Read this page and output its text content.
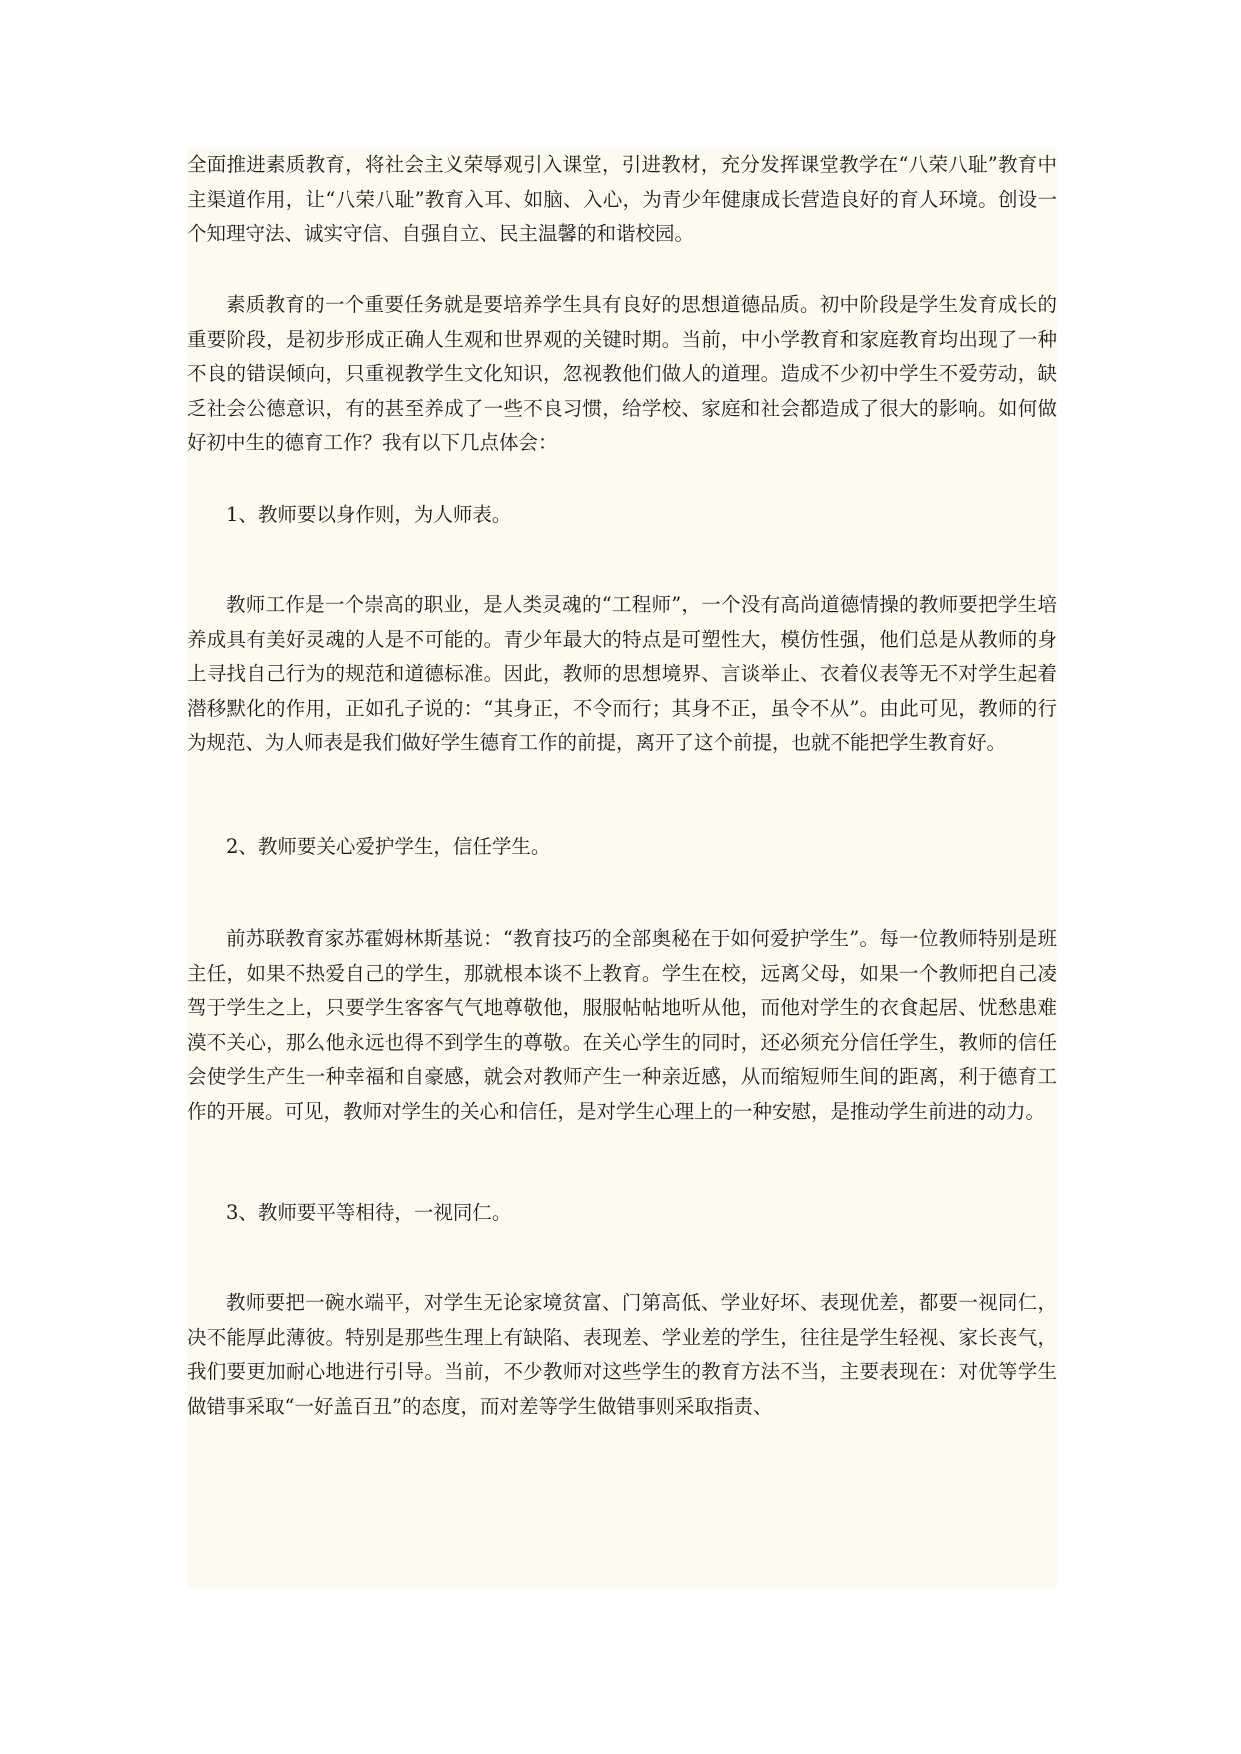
全面推进素质教育，将社会主义荣辱观引入课堂，引进教材，充分发挥课堂教学在“八荣八耻”教育中主渠道作用，让“八荣八耻”教育入耳、如脑、入心，为青少年健康成长营造良好的育人环境。创设一个知理守法、诚实守信、自强自立、民主温馨的和谐校园。

素质教育的一个重要任务就是要培养学生具有良好的思想道德品质。初中阶段是学生发育成长的重要阶段，是初步形成正确人生观和世界观的关键时期。当前，中小学教育和家庭教育均出现了一种不良的错误倾向，只重视教学生文化知识，忽视教他们做人的道理。造成不少初中学生不爱劳动，缺乏社会公德意识，有的甚至养成了一些不良习惯，给学校、家庭和社会都造成了很大的影响。如何做好初中生的德育工作？我有以下几点体会：

1、教师要以身作则，为人师表。

教师工作是一个崇高的职业，是人类灵魂的“工程师”，一个没有高尚道德情操的教师要把学生培养成具有美好灵魂的人是不可能的。青少年最大的特点是可塑性大，模仿性强，他们总是从教师的身上寻找自己行为的规范和道德标准。因此，教师的思想境界、言谈举止、衣着仪表等无不对学生起着潜移默化的作用，正如孔子说的：“其身正，不令而行；其身不正，虽令不从”。由此可见，教师的行为规范、为人师表是我们做好学生德育工作的前提，离开了这个前提，也就不能把学生教育好。

2、教师要关心爱护学生，信任学生。

前苏联教育家苏霍姆林斯基说：“教育技巧的全部奥秘在于如何爱护学生”。每一位教师特别是班主任，如果不热爱自己的学生，那就根本谈不上教育。学生在校，远离父母，如果一个教师把自己凌驾于学生之上，只要学生客客气气地尊敬他，服服帖帖地听从他，而他对学生的衣食起居、忧愁患难漠不关心，那么他永远也得不到学生的尊敬。在关心学生的同时，还必须充分信任学生，教师的信任会使学生产生一种幸福和自豪感，就会对教师产生一种亲近感，从而缩短师生间的距离，利于德育工作的开展。可见，教师对学生的关心和信任，是对学生心理上的一种安慰，是推动学生前进的动力。

3、教师要平等相待，一视同仁。

教师要把一碗水端平，对学生无论家境贫富、门第高低、学业好坏、表现优差，都要一视同仁，决不能厚此薄彼。特别是那些生理上有缺陷、表现差、学业差的学生，往往是学生轻视、家长丧气，我们要更加耐心地进行引导。当前，不少教师对这些学生的教育方法不当，主要表现在：对优等学生做错事采取“一好盖百丑”的态度，而对差等学生做错事则采取指责、
